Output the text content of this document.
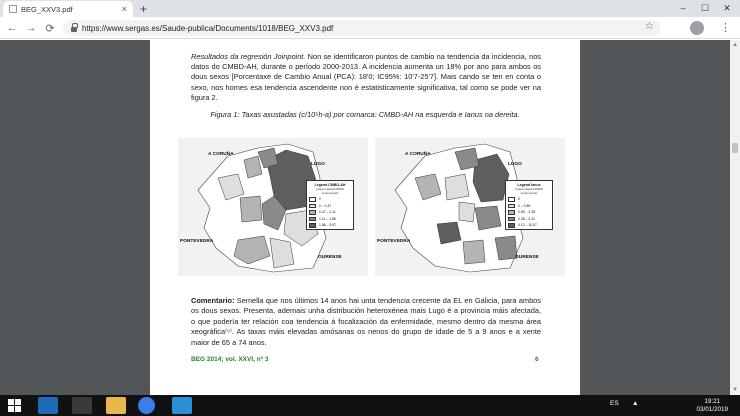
BEG_XXV3.pdf	× +	–	☐	✕
← → ⟳	https://www.sergas.es/Saude-publica/Documents/1018/BEG_XXV3.pdf	☆	⋮

Resultados da regresión Joinpoint. Non se identificaron puntos de cambio na tendencia da incidencia, nos datos do CMBD-AH, durante o período 2000-2013. A incidencia aumenta un 18% por ano para ambos os dous sexos [Porcentaxe de Cambio Anual (PCA): 18'0; IC95%: 10'7-25'7]. Mais cando se ten en conta o sexo, nos homes esa tendencia ascendente non é estatisticamente significativa, tal como se pode ver na figura 2.

Figura 1: Taxas axustadas (c/10⁵h-a) por comarca: CMBD-AH na esquerda e Ianus na dereita.
A CORUÑA
LUGO
PONTEVEDRA
OURENSE
Legend CMBD-AH
(mean cases/100000 person/year)
0
0 – 0.47
0.47 – 1.11
1.11 – 1.86
1.86 – 5.97
A CORUÑA
LUGO
PONTEVEDRA
OURENSE
Legend Ianus
(mean cases/100000 person/year)
0
0 – 0.89
0.89 – 2.38
2.38 – 4.12
4.12 – 10.57

Comentario: Semella que nos últimos 14 anos hai unta tendencia crecente da EL en Galicia, para ambos os dous sexos. Presenta, ademais unha distribución heteroxénea mais Lugo é a provincia máis afectada, o que podería ter relación coa tendencia á focalización da enfermidade, mesmo dentro da mesma área xeográfica⁽⁵⁾. As taxas máis elevadas amósanas os nenos do grupo de idade de 5 a 9 anos e a xente maior de 65 a 74 anos.

BEG 2014; vol. XXVI, nº 3	6
▲
▼
ES ▲	19:21
03/01/2019
